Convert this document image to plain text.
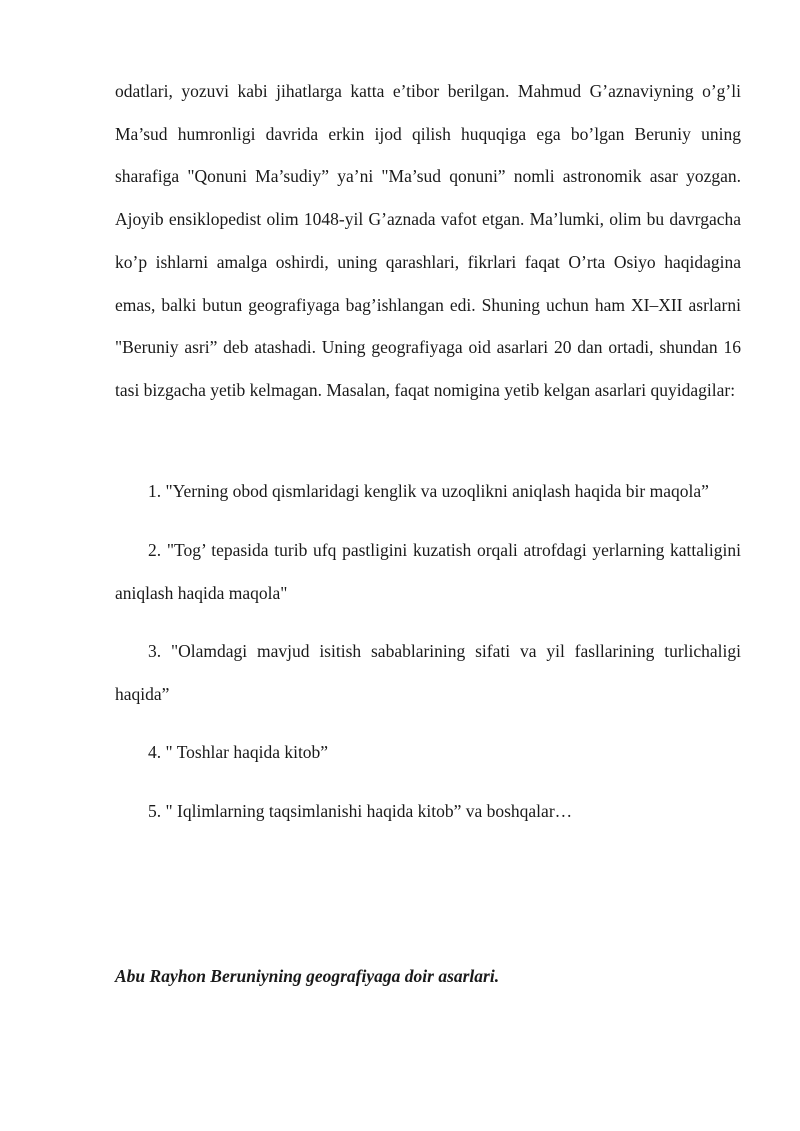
odatlari, yozuvi kabi jihatlarga katta e’tibor berilgan. Mahmud G’aznaviyning o’g’li Ma’sud humronligi davrida erkin ijod qilish huquqiga ega bo’lgan Beruniy uning sharafiga "Qonuni Ma’sudiy” ya’ni "Ma’sud qonuni” nomli astronomik asar yozgan. Ajoyib ensiklopedist olim 1048-yil G’aznada vafot etgan. Ma’lumki, olim bu davrgacha ko’p ishlarni amalga oshirdi, uning qarashlari, fikrlari faqat O’rta Osiyo haqidagina emas, balki butun geografiyaga bag’ishlangan edi. Shuning uchun ham XI–XII asrlarni "Beruniy asri” deb atashadi. Uning geografiyaga oid asarlari 20 dan ortadi, shundan 16 tasi bizgacha yetib kelmagan. Masalan, faqat nomigina yetib kelgan asarlari quyidagilar:

1. "Yerning obod qismlaridagi kenglik va uzoqlikni aniqlash haqida bir maqola”

2. "Tog’ tepasida turib ufq pastligini kuzatish orqali atrofdagi yerlarning kattaligini aniqlash haqida maqola"

3. "Olamdagi mavjud isitish sabablarining sifati va yil fasllarining turlichaligi haqida”

4. " Toshlar haqida kitob”

5. " Iqlimlarning taqsimlanishi haqida kitob” va boshqalar…

Abu Rayhon Beruniyning geografiyaga doir asarlari.
